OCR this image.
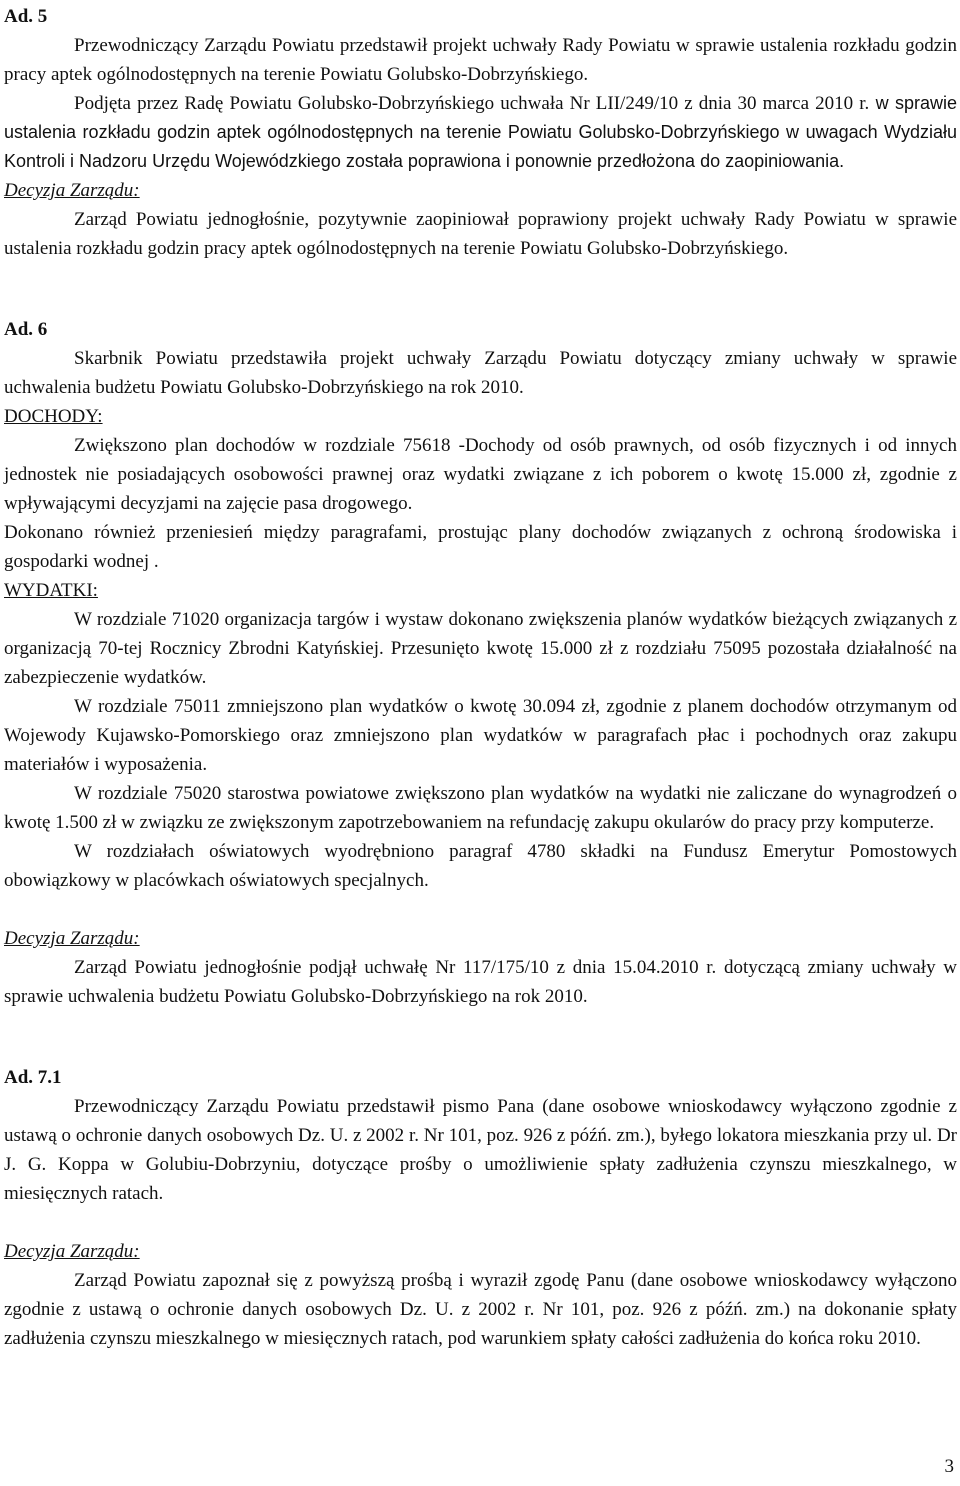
Ad. 5

Przewodniczący Zarządu Powiatu przedstawił projekt uchwały Rady Powiatu w sprawie ustalenia rozkładu godzin pracy aptek ogólnodostępnych na terenie Powiatu Golubsko-Dobrzyńskiego.

Podjęta przez Radę Powiatu Golubsko-Dobrzyńskiego uchwała Nr LII/249/10 z dnia 30 marca 2010 r. w sprawie ustalenia rozkładu godzin aptek ogólnodostępnych na terenie Powiatu Golubsko-Dobrzyńskiego w uwagach Wydziału Kontroli i Nadzoru Urzędu Wojewódzkiego została poprawiona i ponownie przedłożona do zaopiniowania.

Decyzja Zarządu:

Zarząd Powiatu jednogłośnie, pozytywnie zaopiniował poprawiony projekt uchwały Rady Powiatu w sprawie ustalenia rozkładu godzin pracy aptek ogólnodostępnych na terenie Powiatu Golubsko-Dobrzyńskiego.

Ad. 6

Skarbnik Powiatu przedstawiła projekt uchwały Zarządu Powiatu dotyczący zmiany uchwały w sprawie uchwalenia budżetu Powiatu Golubsko-Dobrzyńskiego na rok 2010.

DOCHODY:

Zwiększono plan dochodów w rozdziale 75618 -Dochody od osób prawnych, od osób fizycznych i od innych jednostek nie posiadających osobowości prawnej oraz wydatki związane z ich poborem o kwotę 15.000 zł, zgodnie z wpływającymi decyzjami na zajęcie pasa drogowego.

Dokonano również przeniesień między paragrafami, prostując plany dochodów związanych z ochroną środowiska i gospodarki wodnej .

WYDATKI:

W rozdziale 71020 organizacja targów i wystaw dokonano zwiększenia planów wydatków bieżących związanych z organizacją 70-tej Rocznicy Zbrodni Katyńskiej. Przesunięto kwotę 15.000 zł z rozdziału 75095 pozostała działalność na zabezpieczenie wydatków.

W rozdziale 75011 zmniejszono plan wydatków o kwotę 30.094 zł, zgodnie z planem dochodów otrzymanym od Wojewody Kujawsko-Pomorskiego oraz zmniejszono plan wydatków w paragrafach płac i pochodnych oraz zakupu materiałów i wyposażenia.

W rozdziale 75020 starostwa powiatowe zwiększono plan wydatków na wydatki nie zaliczane do wynagrodzeń o kwotę 1.500 zł w związku ze zwiększonym zapotrzebowaniem na refundację zakupu okularów do pracy przy komputerze.

W rozdziałach oświatowych wyodrębniono paragraf 4780 składki na Fundusz Emerytur Pomostowych obowiązkowy w placówkach oświatowych specjalnych.

Decyzja Zarządu:

Zarząd Powiatu jednogłośnie podjął uchwałę Nr 117/175/10 z dnia 15.04.2010 r. dotyczącą zmiany uchwały w sprawie uchwalenia budżetu Powiatu Golubsko-Dobrzyńskiego na rok 2010.

Ad. 7.1

Przewodniczący Zarządu Powiatu przedstawił pismo Pana (dane osobowe wnioskodawcy wyłączono zgodnie z ustawą o ochronie danych osobowych Dz. U. z 2002 r. Nr 101, poz. 926 z późń. zm.), byłego lokatora mieszkania przy ul. Dr J. G. Koppa w Golubiu-Dobrzyniu, dotyczące prośby o umożliwienie spłaty zadłużenia czynszu mieszkalnego, w miesięcznych ratach.

Decyzja Zarządu:

Zarząd Powiatu zapoznał się z powyższą prośbą i wyraził zgodę Panu (dane osobowe wnioskodawcy wyłączono zgodnie z ustawą o ochronie danych osobowych Dz. U. z 2002 r. Nr 101, poz. 926 z późń. zm.) na dokonanie spłaty zadłużenia czynszu mieszkalnego w miesięcznych ratach, pod warunkiem spłaty całości zadłużenia do końca roku 2010.

3
